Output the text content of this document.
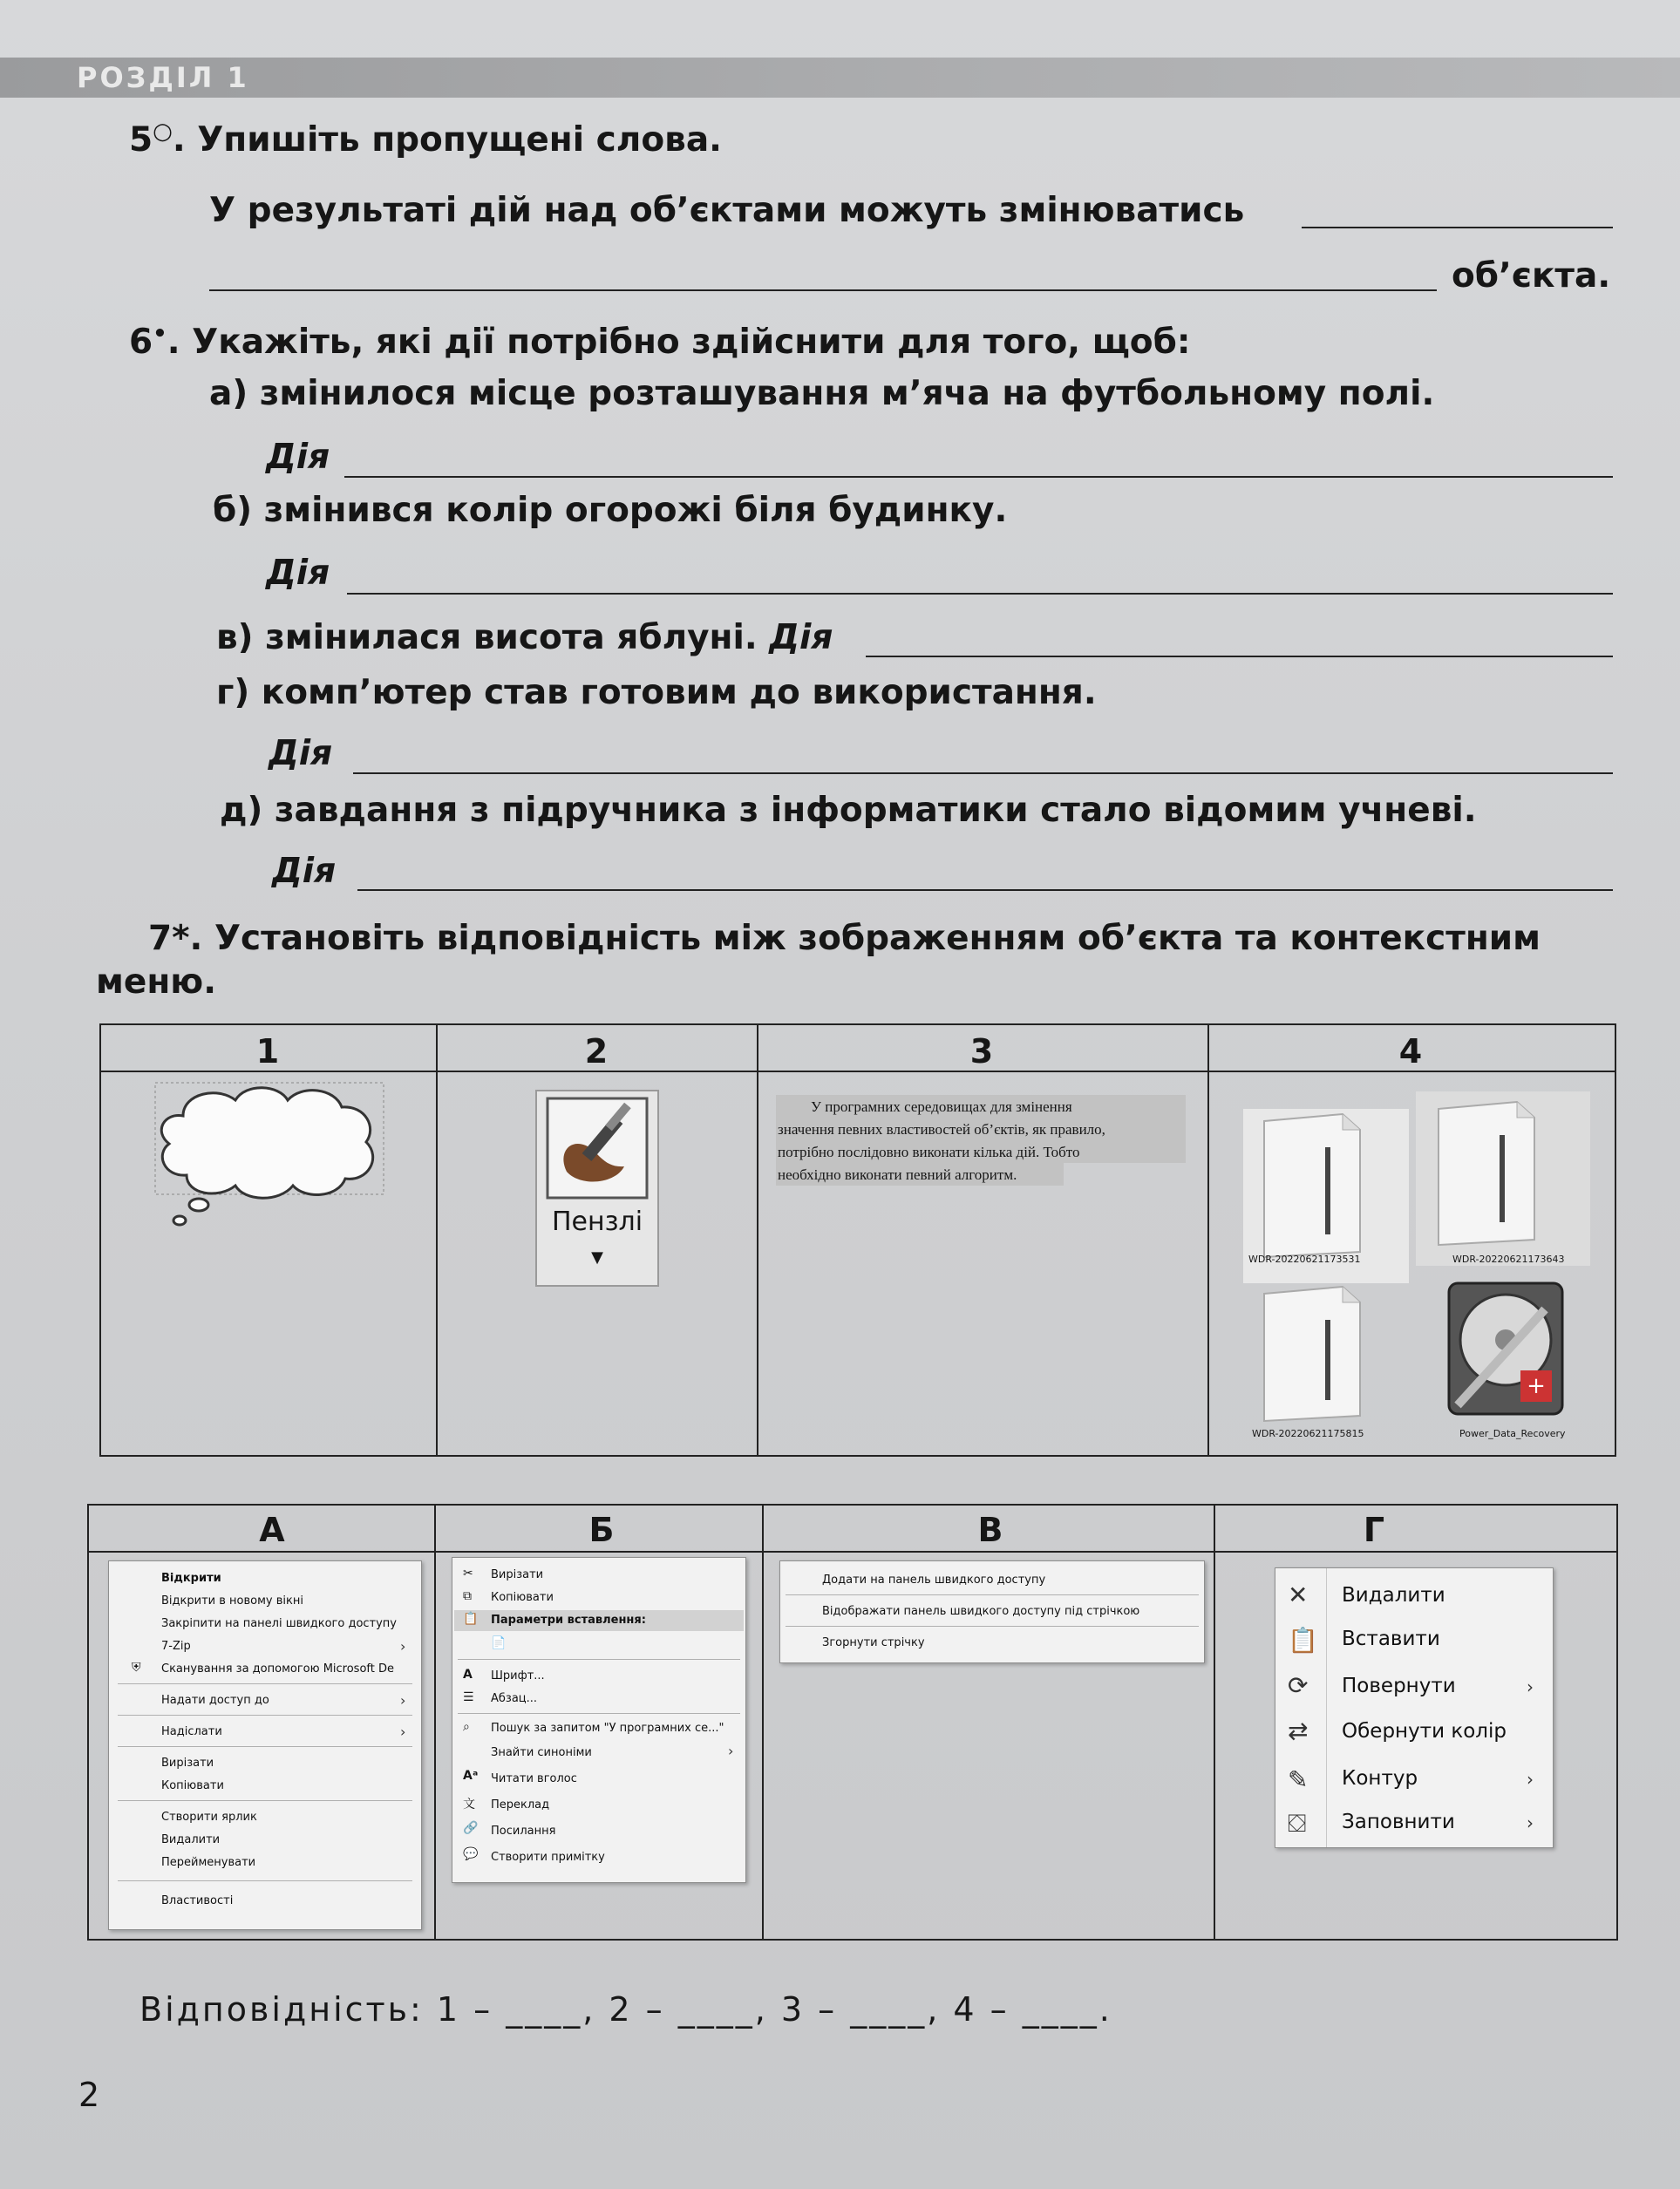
РОЗДІЛ 1
5○. Упишіть пропущені слова.
У результаті дій над об’єктами можуть змінюватись
об’єкта.
6•. Укажіть, які дії потрібно здійснити для того, щоб:
а) змінилося місце розташування м’яча на футбольному полі.
Дія
б) змінився колір огорожі біля будинку.
Дія
в) змінилася висота яблуні. Дія
г) комп’ютер став готовим до використання.
Дія
д) завдання з підручника з інформатики стало відомим учневі.
Дія
7*. Установіть відповідність між зображенням об’єкта та контекстним
меню.
1	2	3	4
Пензлі
▼
У програмних середовищах для змінення
значення певних властивостей об’єктів, як правило,
потрібно послідовно виконати кілька дій. Тобто
необхідно виконати певний алгоритм.
WDR-20220621173531	WDR-20220621173643
WDR-20220621175815
+
Power_Data_Recovery
А	Б	В	Г
Відкрити
Відкрити в новому вікні
Закріпити на панелі швидкого доступу
7-Zip	›
⛨ Сканування за допомогою Microsoft De
Надати доступ до	›
Надіслати	›
Вирізати
Копіювати
Створити ярлик
Видалити
Перейменувати
Властивості
✂ Вирізати
⧉ Копіювати
📋 Параметри вставлення:
📄
A Шрифт...
☰ Абзац...
⌕ Пошук за запитом "У програмних се..."
Знайти синоніми	›
Aᵃ Читати вголос
文 Переклад
🔗 Посилання
💬 Створити примітку
Додати на панель швидкого доступу
Відображати панель швидкого доступу під стрічкою
Згорнути стрічку
✕ Видалити
📋 Вставити
⟳ Повернути	›
⇄ Обернути колір
✎ Контур	›
⛋ Заповнити	›
Відповідність: 1 – ____, 2 – ____, 3 – ____, 4 – ____.
2
